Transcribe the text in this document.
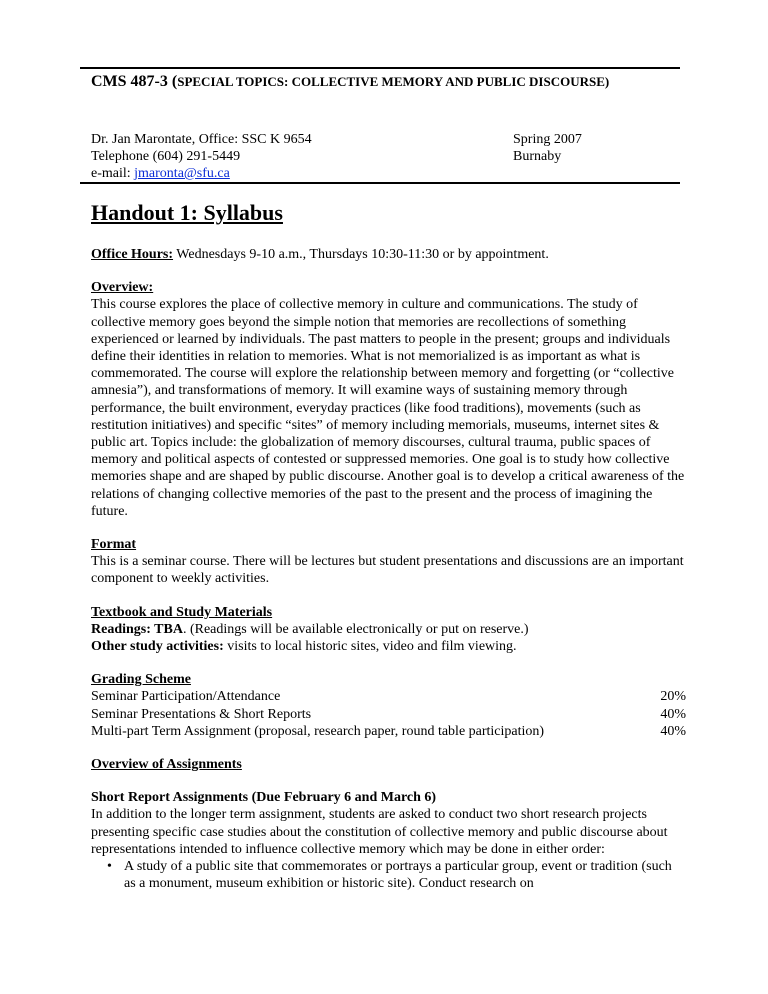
CMS 487-3 (SPECIAL TOPICS: COLLECTIVE MEMORY AND PUBLIC DISCOURSE)
Dr. Jan Marontate, Office: SSC K 9654
Telephone (604) 291-5449
e-mail: jmaronta@sfu.ca
Spring 2007
Burnaby
Handout 1: Syllabus

Office Hours: Wednesdays 9-10 a.m., Thursdays 10:30-11:30 or by appointment.

Overview:

This course explores the place of collective memory in culture and communications. The study of collective memory goes beyond the simple notion that memories are recollections of something experienced or learned by individuals. The past matters to people in the present; groups and individuals define their identities in relation to memories. What is not memorialized is as important as what is commemorated. The course will explore the relationship between memory and forgetting (or “collective amnesia”), and transformations of memory. It will examine ways of sustaining memory through performance, the built environment, everyday practices (like food traditions), movements (such as restitution initiatives) and specific “sites” of memory including memorials, museums, internet sites & public art. Topics include: the globalization of memory discourses, cultural trauma, public spaces of memory and political aspects of contested or suppressed memories. One goal is to study how collective memories shape and are shaped by public discourse. Another goal is to develop a critical awareness of the relations of changing collective memories of the past to the present and the process of imagining the future.

Format

This is a seminar course. There will be lectures but student presentations and discussions are an important component to weekly activities.

Textbook and Study Materials

Readings: TBA. (Readings will be available electronically or put on reserve.)

Other study activities: visits to local historic sites, video and film viewing.

Grading Scheme

Seminar Participation/Attendance	20%
Seminar Presentations & Short Reports	40%
Multi-part Term Assignment (proposal, research paper, round table participation)	40%

Overview of Assignments

Short Report Assignments (Due February 6 and March 6)

In addition to the longer term assignment, students are asked to conduct two short research projects presenting specific case studies about the constitution of collective memory and public discourse about representations intended to influence collective memory which may be done in either order:

• A study of a public site that commemorates or portrays a particular group, event or tradition (such as a monument, museum exhibition or historic site). Conduct research on
